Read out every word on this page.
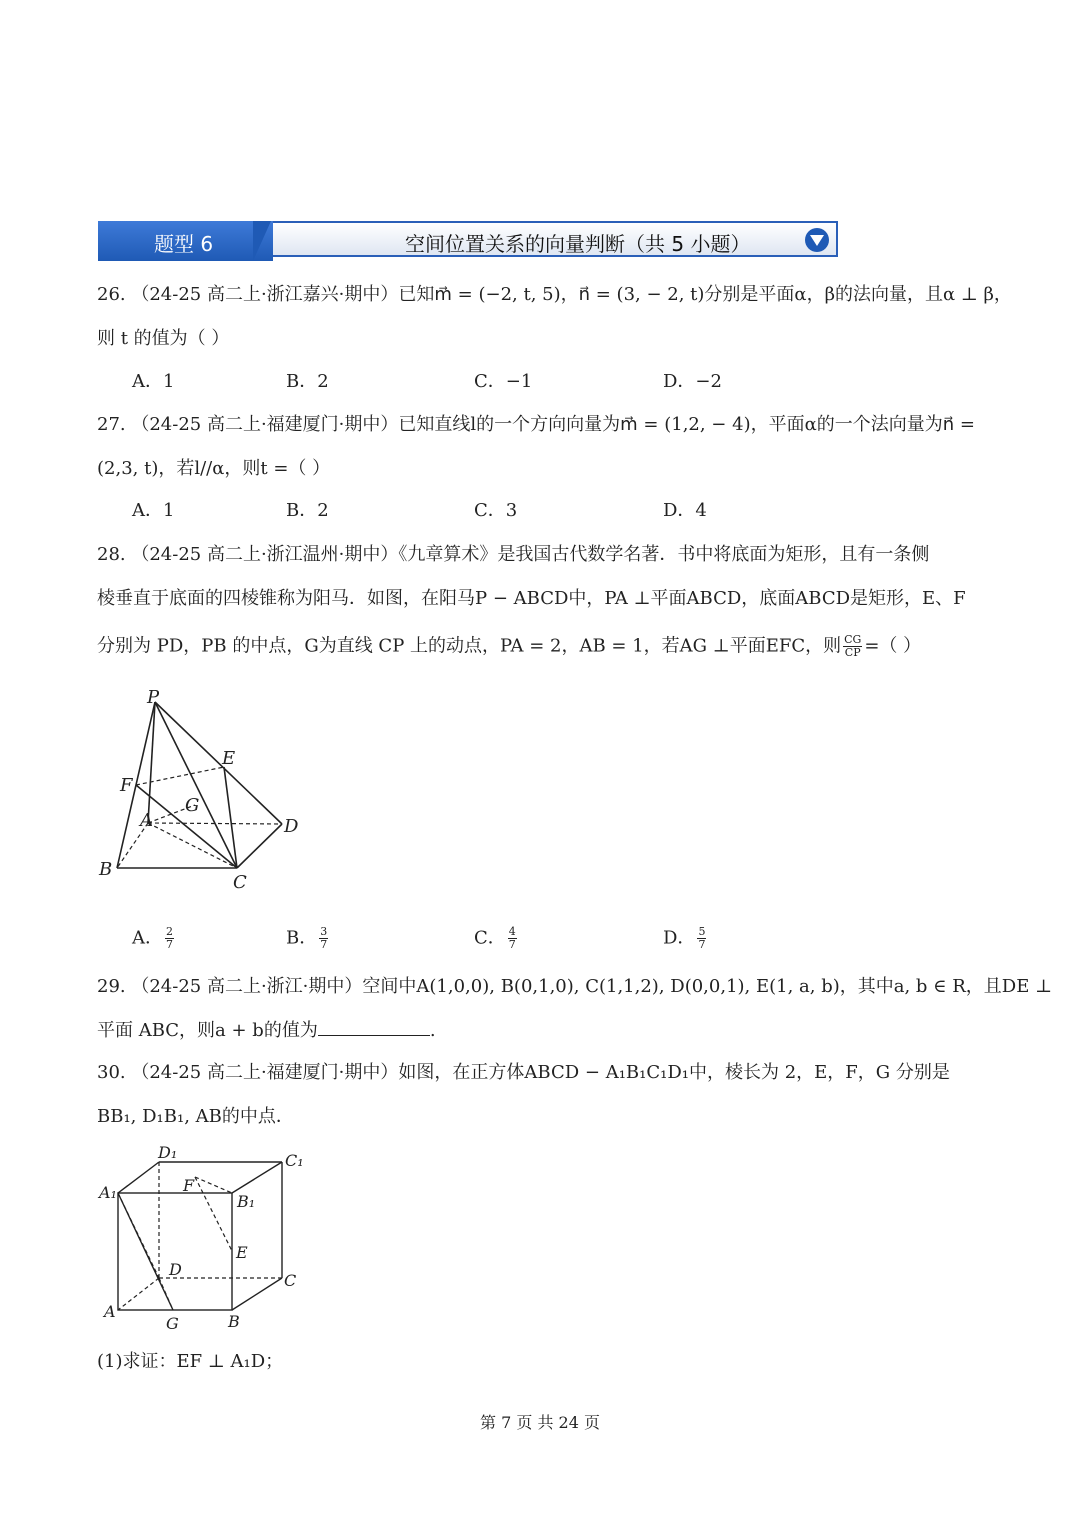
空间位置关系的向量判断（共 5 小题）
题型 6
26. （24-25 高二上·浙江嘉兴·期中）已知m⃗ = (−2, t, 5)，n⃗ = (3, − 2, t)分别是平面α，β的法向量，且α ⊥ β，
则 t 的值为（ ）
A．1	B．2	C．−1	D．−2
27. （24-25 高二上·福建厦门·期中）已知直线l的一个方向向量为m⃗ = (1,2, − 4)，平面α的一个法向量为n⃗ =
(2,3, t)，若l//α，则t =（ ）
A．1	B．2	C．3	D．4
28. （24-25 高二上·浙江温州·期中）《九章算术》是我国古代数学名著．书中将底面为矩形，且有一条侧
棱垂直于底面的四棱锥称为阳马．如图，在阳马P − ABCD中，PA ⊥平面ABCD，底面ABCD是矩形，E、F
分别为 PD，PB 的中点，G为直线 CP 上的动点，PA = 2，AB = 1，若AG ⊥平面EFC，则 $\frac{CG}{CP}$ =（ ）
P
E
F
G
A	D
B
C
A． $\frac{2}{7}$	B． $\frac{3}{7}$	C． $\frac{4}{7}$	D． $\frac{5}{7}$
29. （24-25 高二上·浙江·期中）空间中A(1,0,0), B(0,1,0), C(1,1,2), D(0,0,1), E(1, a, b)，其中a, b ∈ R，且DE ⊥
平面 ABC，则a + b的值为	.
30. （24-25 高二上·福建厦门·期中）如图，在正方体ABCD − A₁B₁C₁D₁中，棱长为 2，E，F，G 分别是
BB₁, D₁B₁, AB的中点．
D₁	C₁
A₁	F
B₁
E
D
C
A
G	B
(1)求证：EF ⊥ A₁D；
第 7 页 共 24 页
